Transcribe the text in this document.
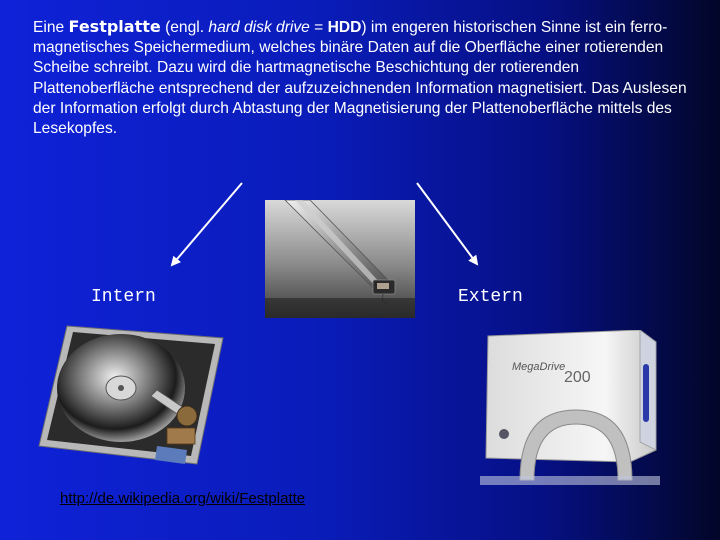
Eine Festplatte (engl. hard disk drive = HDD) im engeren historischen Sinne ist ein ferro-magnetisches Speichermedium, welches binäre Daten auf die Oberfläche einer rotierenden Scheibe schreibt. Dazu wird die hartmagnetische Beschichtung der rotierenden Plattenoberfläche entsprechend der aufzuzeichnenden Information magnetisiert. Das Auslesen der Information erfolgt durch Abtastung der Magnetisierung der Plattenoberfläche mittels des Lesekopfes.

Intern	Extern
MegaDrive
200
http://de.wikipedia.org/wiki/Festplatte
